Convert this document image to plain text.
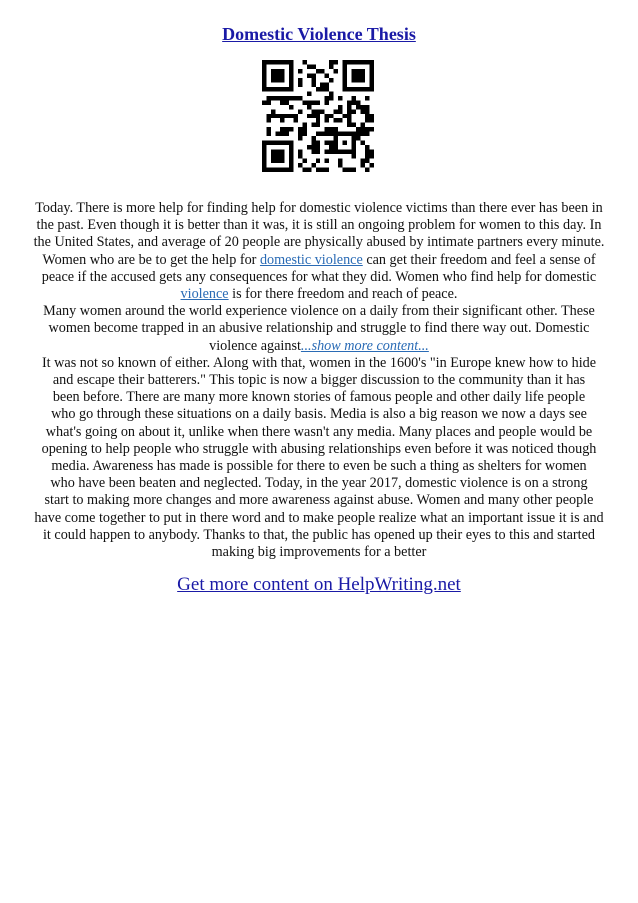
Domestic Violence Thesis
Today. There is more help for finding help for domestic violence victims than there ever has been in
the past. Even though it is better than it was, it is still an ongoing problem for women to this day. In
the United States, and average of 20 people are physically abused by intimate partners every minute.
Women who are be to get the help for domestic violence can get their freedom and feel a sense of
peace if the accused gets any consequences for what they did. Women who find help for domestic
violence is for there freedom and reach of peace.
Many women around the world experience violence on a daily from their significant other. These
women become trapped in an abusive relationship and struggle to find there way out. Domestic
violence against...show more content...
It was not so known of either. Along with that, women in the 1600's "in Europe knew how to hide
and escape their batterers." This topic is now a bigger discussion to the community than it has
been before. There are many more known stories of famous people and other daily life people
who go through these situations on a daily basis. Media is also a big reason we now a days see
what's going on about it, unlike when there wasn't any media. Many places and people would be
opening to help people who struggle with abusing relationships even before it was noticed though
media. Awareness has made is possible for there to even be such a thing as shelters for women
who have been beaten and neglected. Today, in the year 2017, domestic violence is on a strong
start to making more changes and more awareness against abuse. Women and many other people
have come together to put in there word and to make people realize what an important issue it is and
it could happen to anybody. Thanks to that, the public has opened up their eyes to this and started
making big improvements for a better
Get more content on HelpWriting.net
